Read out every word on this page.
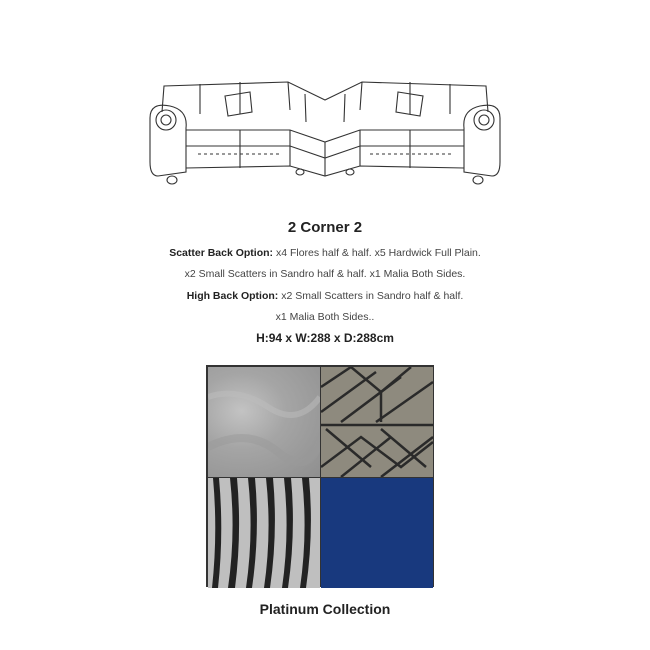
2 Corner 2
Scatter Back Option: x4 Flores half & half. x5 Hardwick Full Plain.
x2 Small Scatters in Sandro half & half. x1 Malia Both Sides.
High Back Option: x2 Small Scatters in Sandro half & half.
x1 Malia Both Sides..
H:94 x W:288 x D:288cm
Platinum Collection
